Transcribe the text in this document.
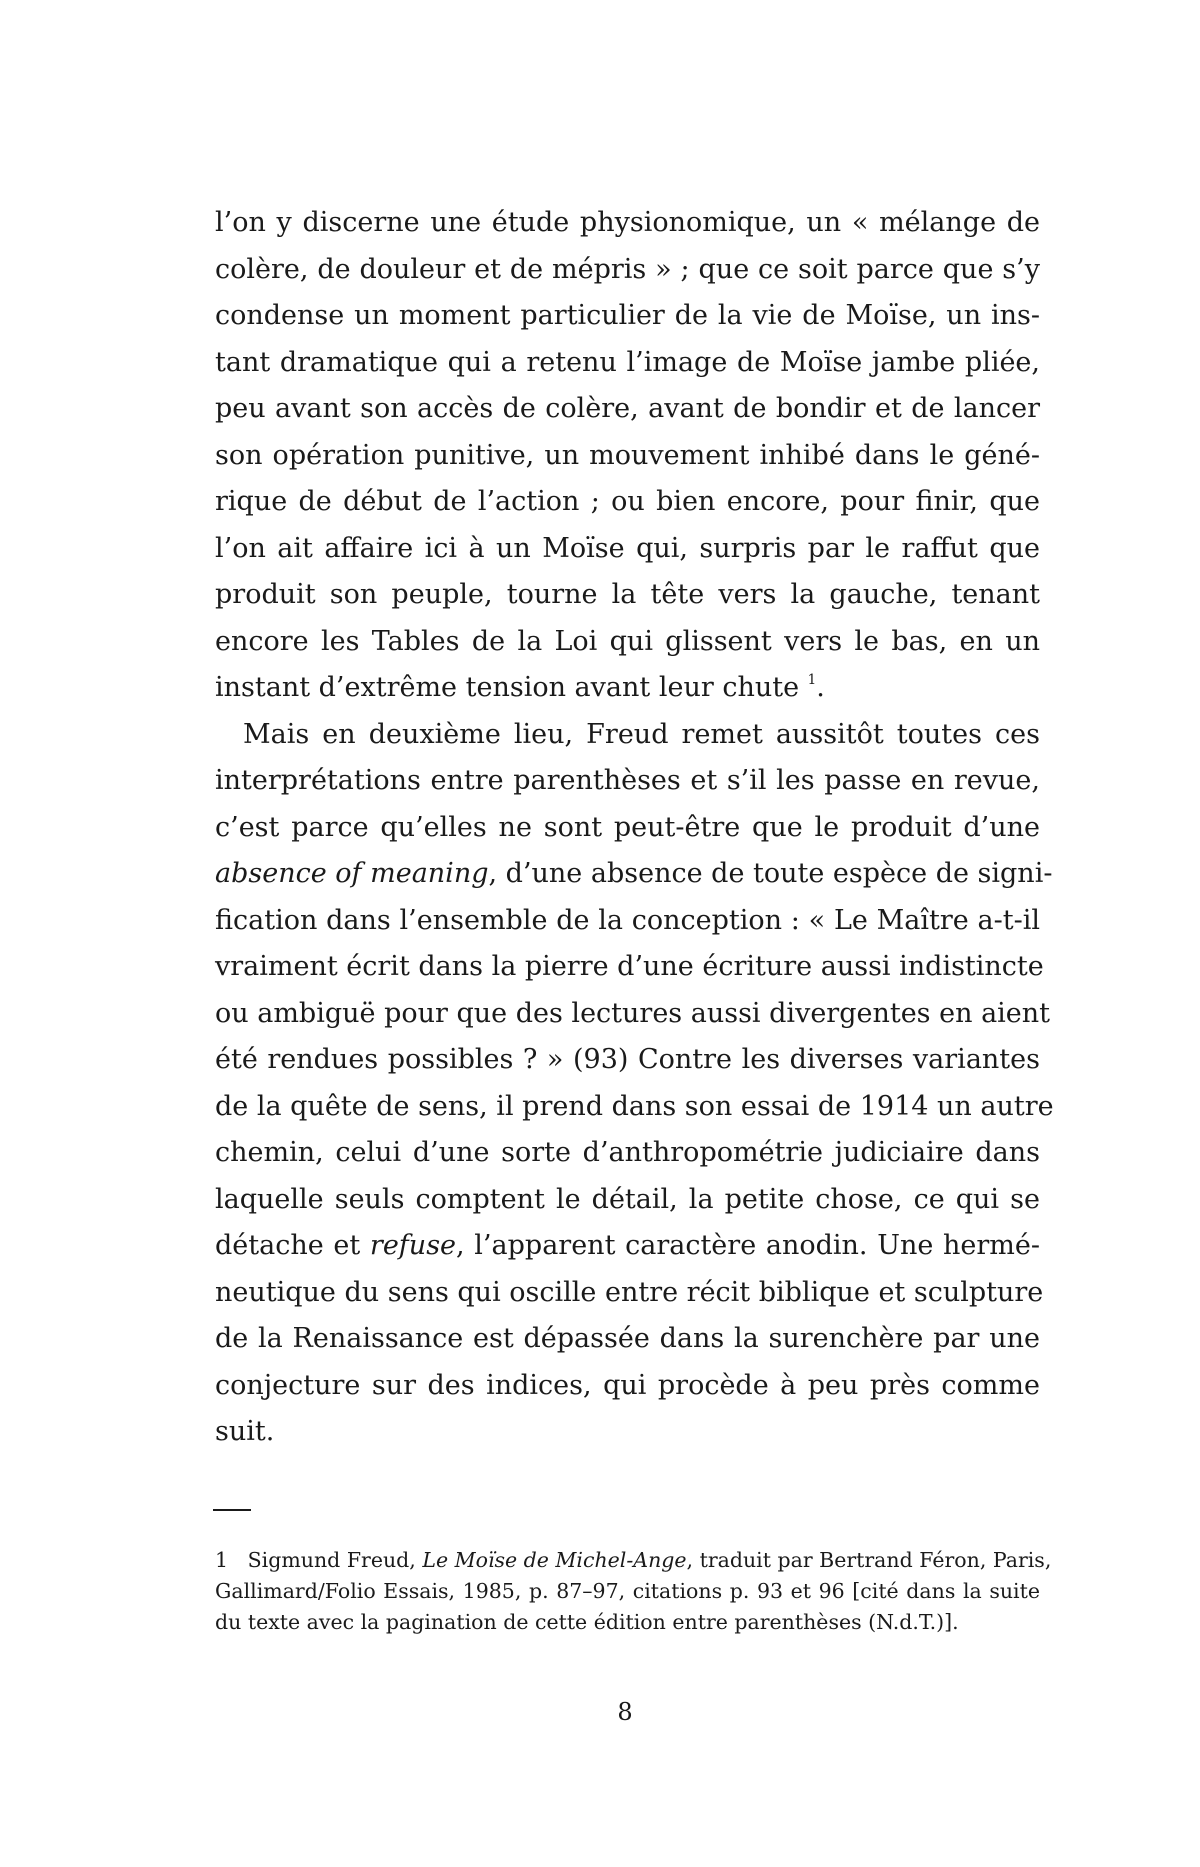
l’on y discerne une étude physionomique, un « mélange de
colère, de douleur et de mépris » ; que ce soit parce que s’y
condense un moment particulier de la vie de Moïse, un ins-
tant dramatique qui a retenu l’image de Moïse jambe pliée,
peu avant son accès de colère, avant de bondir et de lancer
son opération punitive, un mouvement inhibé dans le géné-
rique de début de l’action ; ou bien encore, pour finir, que
l’on ait affaire ici à un Moïse qui, surpris par le raffut que
produit son peuple, tourne la tête vers la gauche, tenant
encore les Tables de la Loi qui glissent vers le bas, en un
instant d’extrême tension avant leur chute $^1$.
Mais en deuxième lieu, Freud remet aussitôt toutes ces
interprétations entre parenthèses et s’il les passe en revue,
c’est parce qu’elles ne sont peut-être que le produit d’une
absence of meaning, d’une absence de toute espèce de signi-
fication dans l’ensemble de la conception : « Le Maître a-t-il
vraiment écrit dans la pierre d’une écriture aussi indistincte
ou ambiguë pour que des lectures aussi divergentes en aient
été rendues possibles ? » (93) Contre les diverses variantes
de la quête de sens, il prend dans son essai de 1914 un autre
chemin, celui d’une sorte d’anthropométrie judiciaire dans
laquelle seuls comptent le détail, la petite chose, ce qui se
détache et refuse, l’apparent caractère anodin. Une hermé-
neutique du sens qui oscille entre récit biblique et sculpture
de la Renaissance est dépassée dans la surenchère par une
conjecture sur des indices, qui procède à peu près comme
suit.
1 Sigmund Freud, Le Moïse de Michel-Ange, traduit par Bertrand Féron, Paris,
Gallimard/Folio Essais, 1985, p. 87–97, citations p. 93 et 96 [cité dans la suite
du texte avec la pagination de cette édition entre parenthèses (N.d.T.)].
8
